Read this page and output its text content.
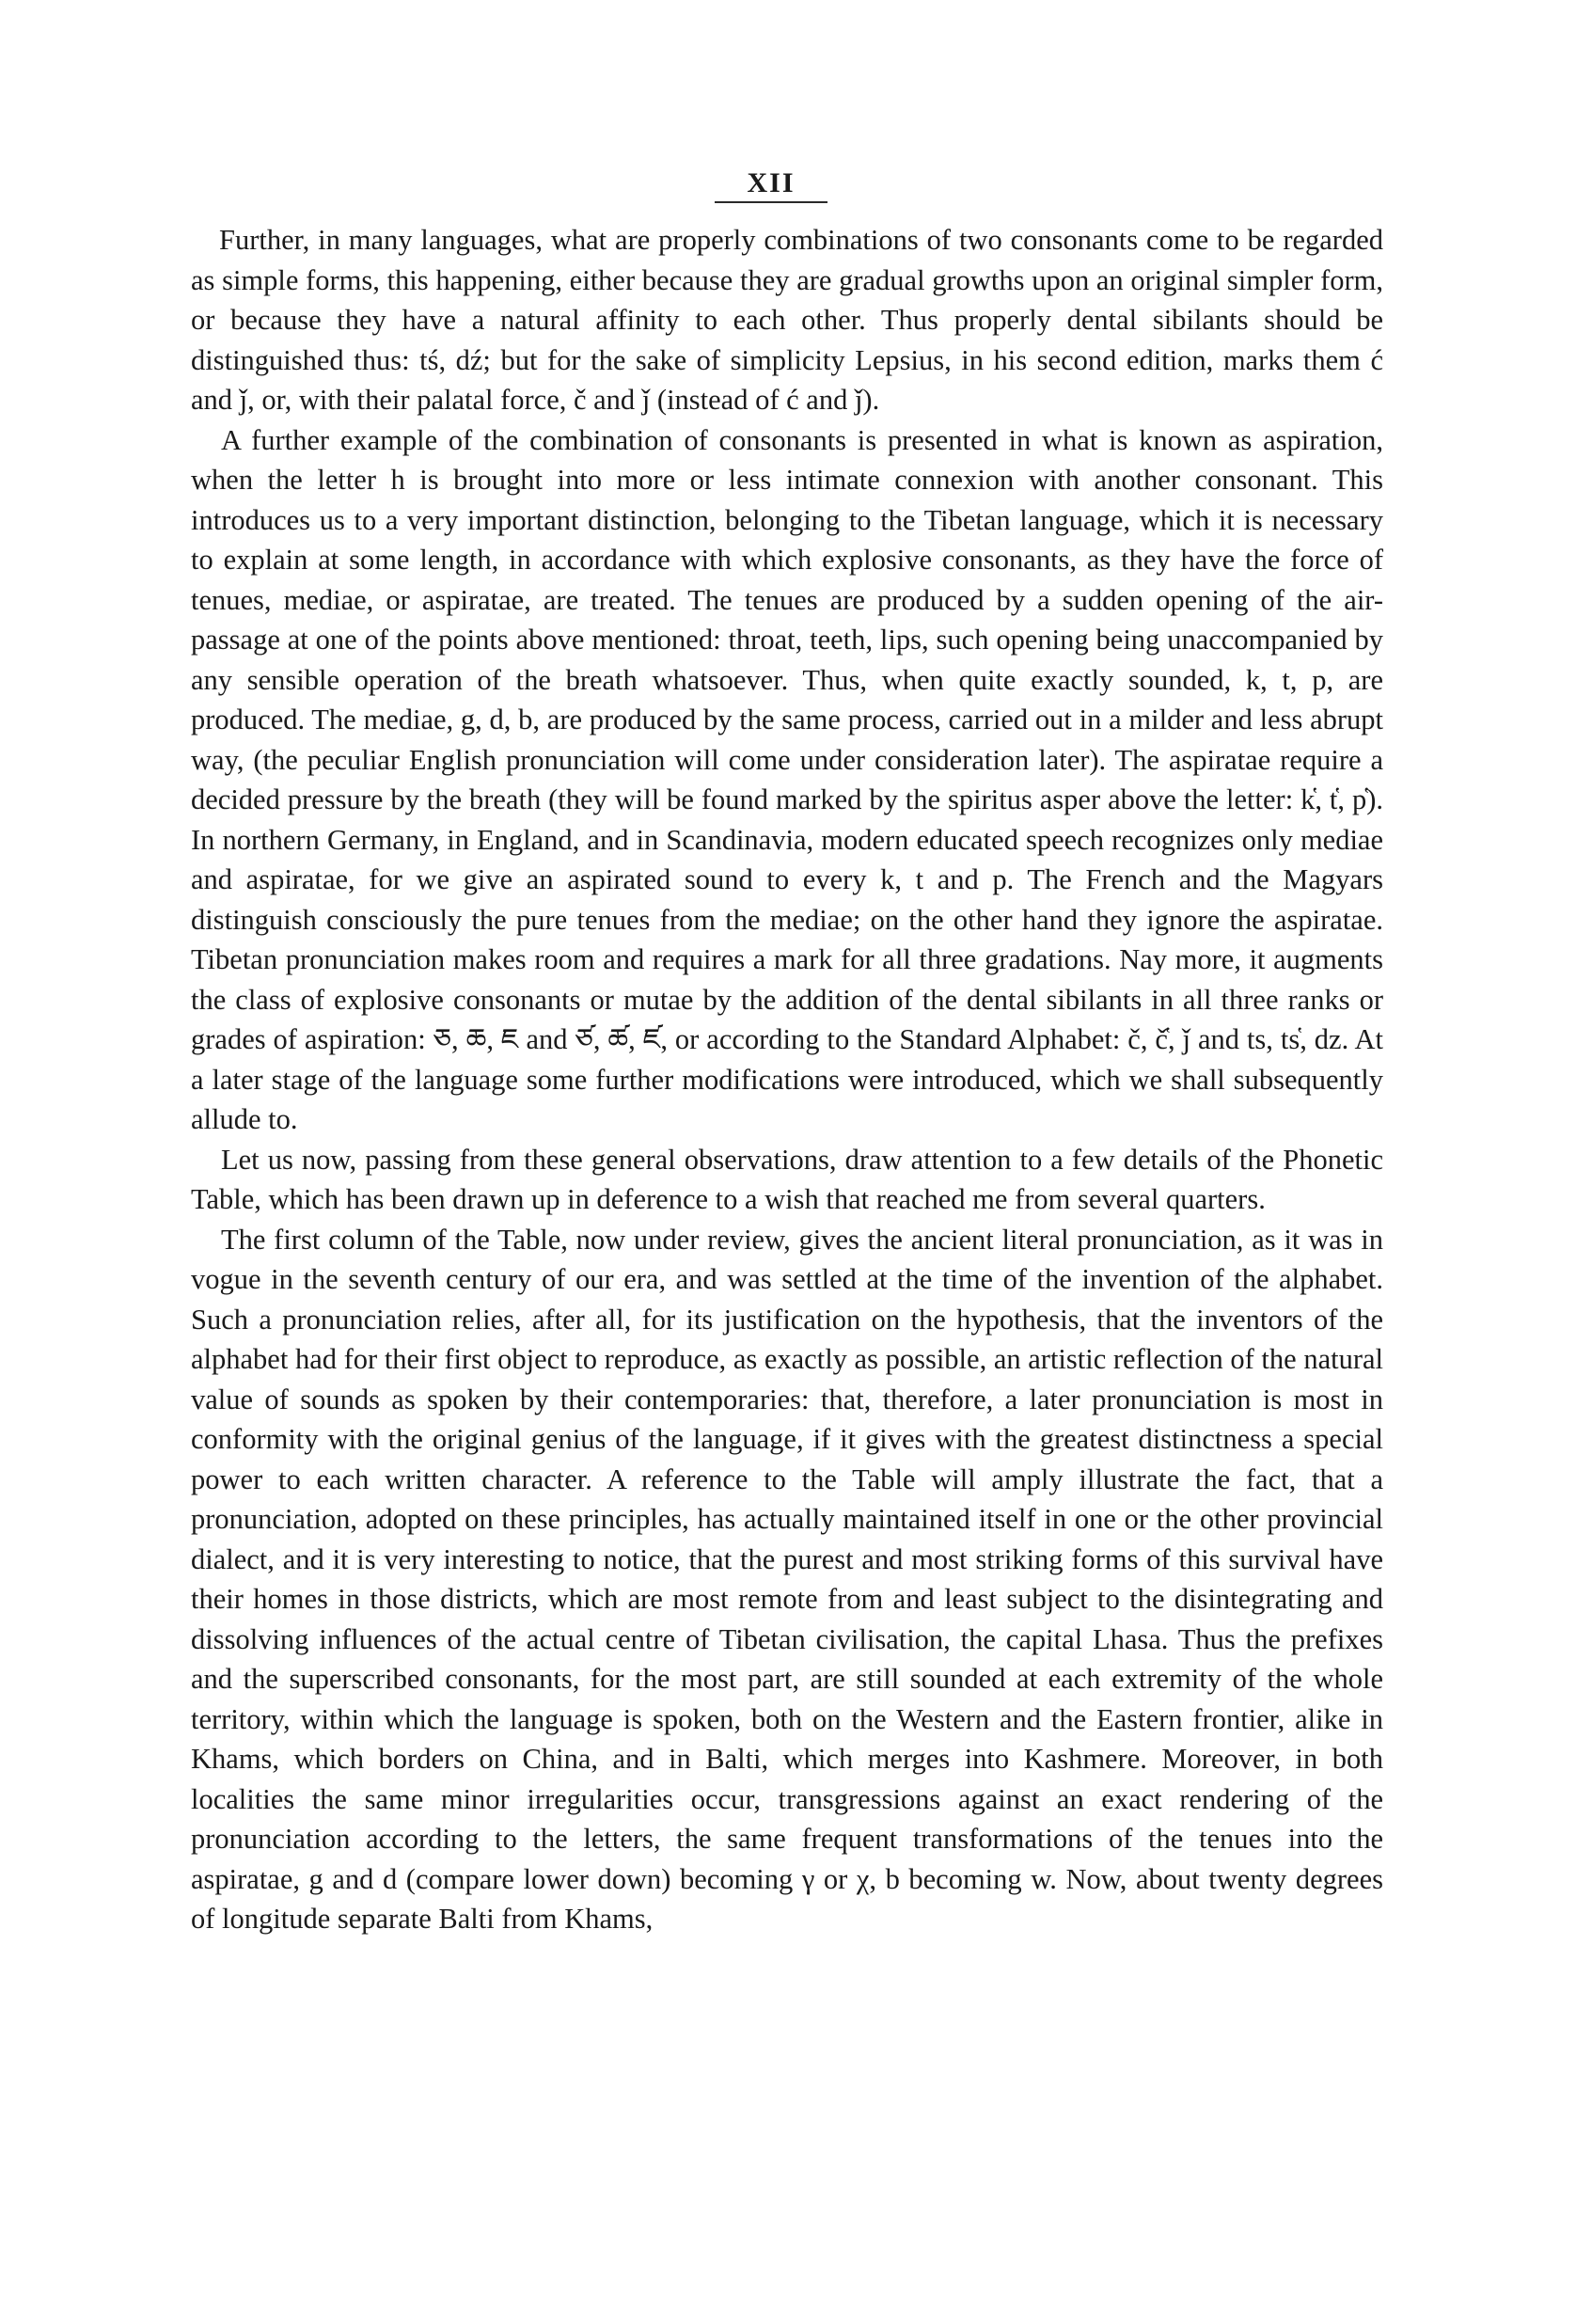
XII

Further, in many languages, what are properly combinations of two consonants come to be regarded as simple forms, this happening, either because they are gradual growths upon an original simpler form, or because they have a natural affinity to each other. Thus properly dental sibilants should be distinguished thus: tś, dź; but for the sake of simplicity Lepsius, in his second edition, marks them ć and ǰ, or, with their palatal force, č and ǰ (instead of ć and ǰ).

A further example of the combination of consonants is presented in what is known as aspiration, when the letter h is brought into more or less intimate connexion with another consonant. This introduces us to a very important distinction, belonging to the Tibetan language, which it is necessary to explain at some length, in accordance with which explosive consonants, as they have the force of tenues, mediae, or aspiratae, are treated. The tenues are produced by a sudden opening of the air-passage at one of the points above mentioned: throat, teeth, lips, such opening being unaccompanied by any sensible operation of the breath whatsoever. Thus, when quite exactly sounded, k, t, p, are produced. The mediae, g, d, b, are produced by the same process, carried out in a milder and less abrupt way, (the peculiar English pronunciation will come under consideration later). The aspiratae require a decided pressure by the breath (they will be found marked by the spiritus asper above the letter: k̔, t̔, p̔). In northern Germany, in England, and in Scandinavia, modern educated speech recognizes only mediae and aspiratae, for we give an aspirated sound to every k, t and p. The French and the Magyars distinguish consciously the pure tenues from the mediae; on the other hand they ignore the aspiratae. Tibetan pronunciation makes room and requires a mark for all three gradations. Nay more, it augments the class of explosive consonants or mutae by the addition of the dental sibilants in all three ranks or grades of aspiration: ཅ, ཆ, ཇ and ཙ, ཚ, ཛ, or according to the Standard Alphabet: č, č̔, ǰ and ts, ts̔, dz. At a later stage of the language some further modifications were introduced, which we shall subsequently allude to.

Let us now, passing from these general observations, draw attention to a few details of the Phonetic Table, which has been drawn up in deference to a wish that reached me from several quarters.

The first column of the Table, now under review, gives the ancient literal pronunciation, as it was in vogue in the seventh century of our era, and was settled at the time of the invention of the alphabet. Such a pronunciation relies, after all, for its justification on the hypothesis, that the inventors of the alphabet had for their first object to reproduce, as exactly as possible, an artistic reflection of the natural value of sounds as spoken by their contemporaries: that, therefore, a later pronunciation is most in conformity with the original genius of the language, if it gives with the greatest distinctness a special power to each written character. A reference to the Table will amply illustrate the fact, that a pronunciation, adopted on these principles, has actually maintained itself in one or the other provincial dialect, and it is very interesting to notice, that the purest and most striking forms of this survival have their homes in those districts, which are most remote from and least subject to the disintegrating and dissolving influences of the actual centre of Tibetan civilisation, the capital Lhasa. Thus the prefixes and the superscribed consonants, for the most part, are still sounded at each extremity of the whole territory, within which the language is spoken, both on the Western and the Eastern frontier, alike in Khams, which borders on China, and in Balti, which merges into Kashmere. Moreover, in both localities the same minor irregularities occur, transgressions against an exact rendering of the pronunciation according to the letters, the same frequent transformations of the tenues into the aspiratae, g and d (compare lower down) becoming γ or χ, b becoming w. Now, about twenty degrees of longitude separate Balti from Khams,
